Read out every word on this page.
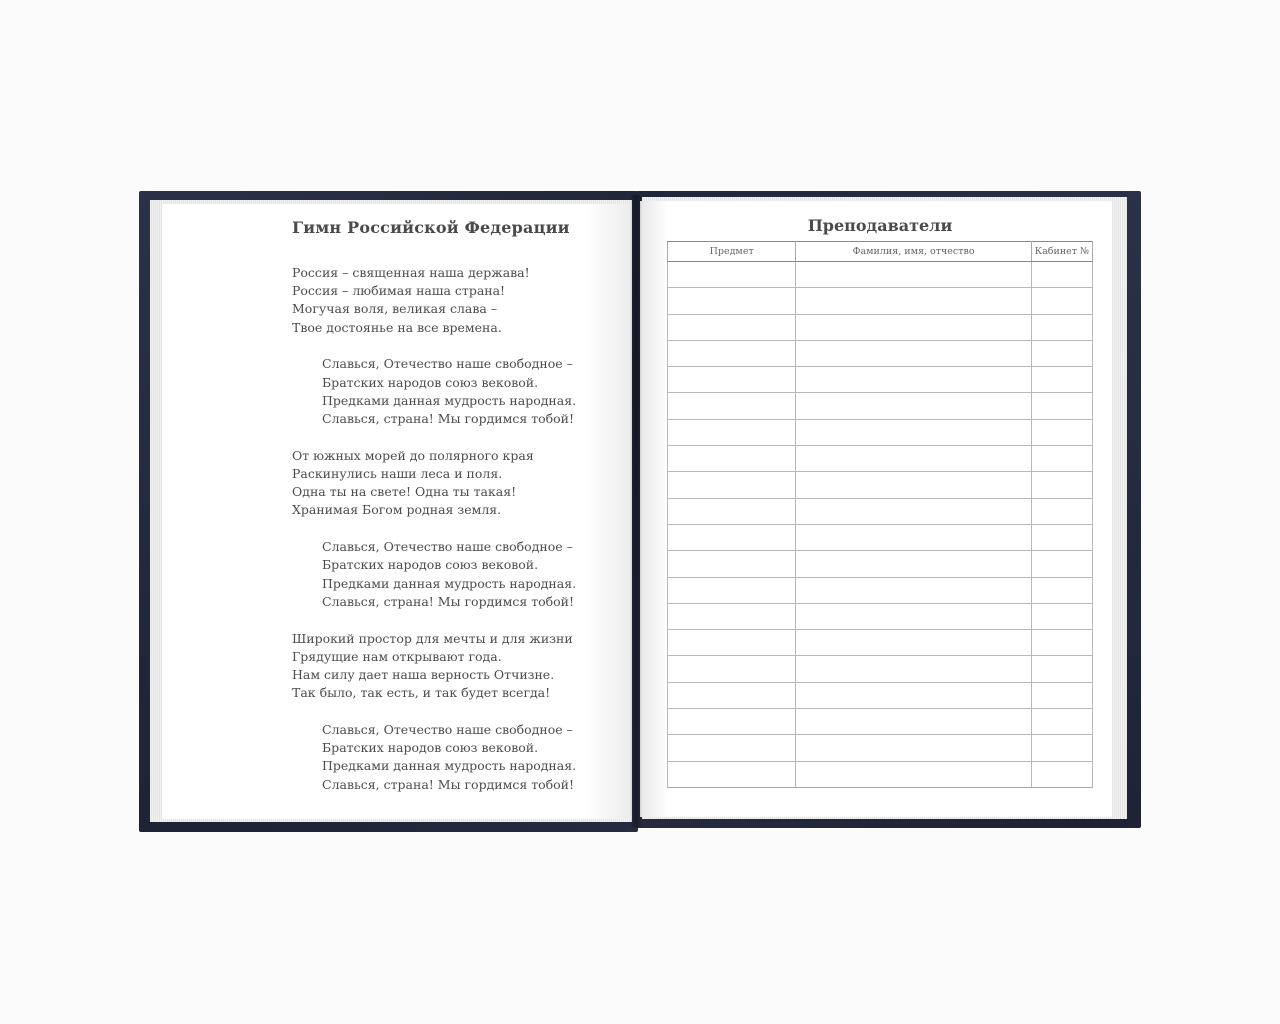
Гимн Российской Федерации

Россия – священная наша держава!
Россия – любимая наша страна!
Могучая воля, великая слава –
Твое достоянье на все времена.

Славься, Отечество наше свободное –
Братских народов союз вековой.
Предками данная мудрость народная.
Славься, страна! Мы гордимся тобой!

От южных морей до полярного края
Раскинулись наши леса и поля.
Одна ты на свете! Одна ты такая!
Хранимая Богом родная земля.

Славься, Отечество наше свободное –
Братских народов союз вековой.
Предками данная мудрость народная.
Славься, страна! Мы гордимся тобой!

Широкий простор для мечты и для жизни
Грядущие нам открывают года.
Нам силу дает наша верность Отчизне.
Так было, так есть, и так будет всегда!

Славься, Отечество наше свободное –
Братских народов союз вековой.
Предками данная мудрость народная.
Славься, страна! Мы гордимся тобой!

Преподаватели
Предмет	Фамилия, имя, отчество	Кабинет №
